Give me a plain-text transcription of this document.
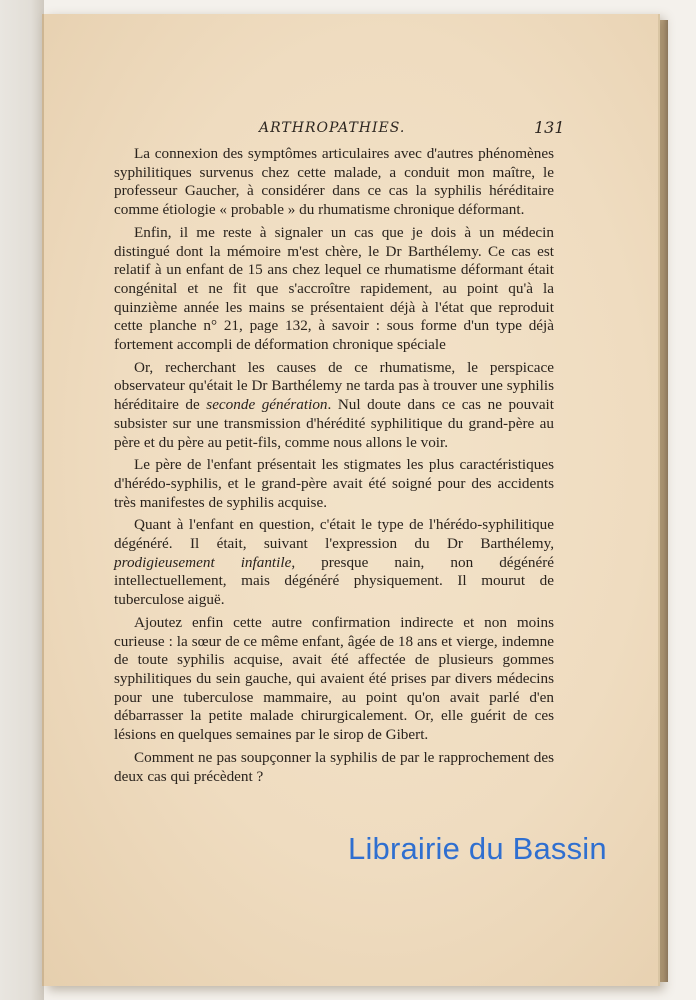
ARTHROPATHIES.	131

La connexion des symptômes articulaires avec d'autres phénomènes syphilitiques survenus chez cette malade, a conduit mon maître, le professeur Gaucher, à considérer dans ce cas la syphilis héréditaire comme étiologie « probable » du rhumatisme chronique déformant.

Enfin, il me reste à signaler un cas que je dois à un médecin distingué dont la mémoire m'est chère, le Dr Barthélemy. Ce cas est relatif à un enfant de 15 ans chez lequel ce rhumatisme déformant était congénital et ne fit que s'accroître rapidement, au point qu'à la quinzième année les mains se présentaient déjà à l'état que reproduit cette planche n° 21, page 132, à savoir : sous forme d'un type déjà fortement accompli de déformation chronique spéciale

Or, recherchant les causes de ce rhumatisme, le perspicace observateur qu'était le Dr Barthélemy ne tarda pas à trouver une syphilis héréditaire de seconde génération. Nul doute dans ce cas ne pouvait subsister sur une transmission d'hérédité syphilitique du grand-père au père et du père au petit-fils, comme nous allons le voir.

Le père de l'enfant présentait les stigmates les plus caractéristiques d'hérédo-syphilis, et le grand-père avait été soigné pour des accidents très manifestes de syphilis acquise.

Quant à l'enfant en question, c'était le type de l'hérédo-syphilitique dégénéré. Il était, suivant l'expression du Dr Barthélemy, prodigieusement infantile, presque nain, non dégénéré intellectuellement, mais dégénéré physiquement. Il mourut de tuberculose aiguë.

Ajoutez enfin cette autre confirmation indirecte et non moins curieuse : la sœur de ce même enfant, âgée de 18 ans et vierge, indemne de toute syphilis acquise, avait été affectée de plusieurs gommes syphilitiques du sein gauche, qui avaient été prises par divers médecins pour une tuberculose mammaire, au point qu'on avait parlé d'en débarrasser la petite malade chirurgicalement. Or, elle guérit de ces lésions en quelques semaines par le sirop de Gibert.

Comment ne pas soupçonner la syphilis de par le rapprochement des deux cas qui précèdent ?

Librairie du Bassin
